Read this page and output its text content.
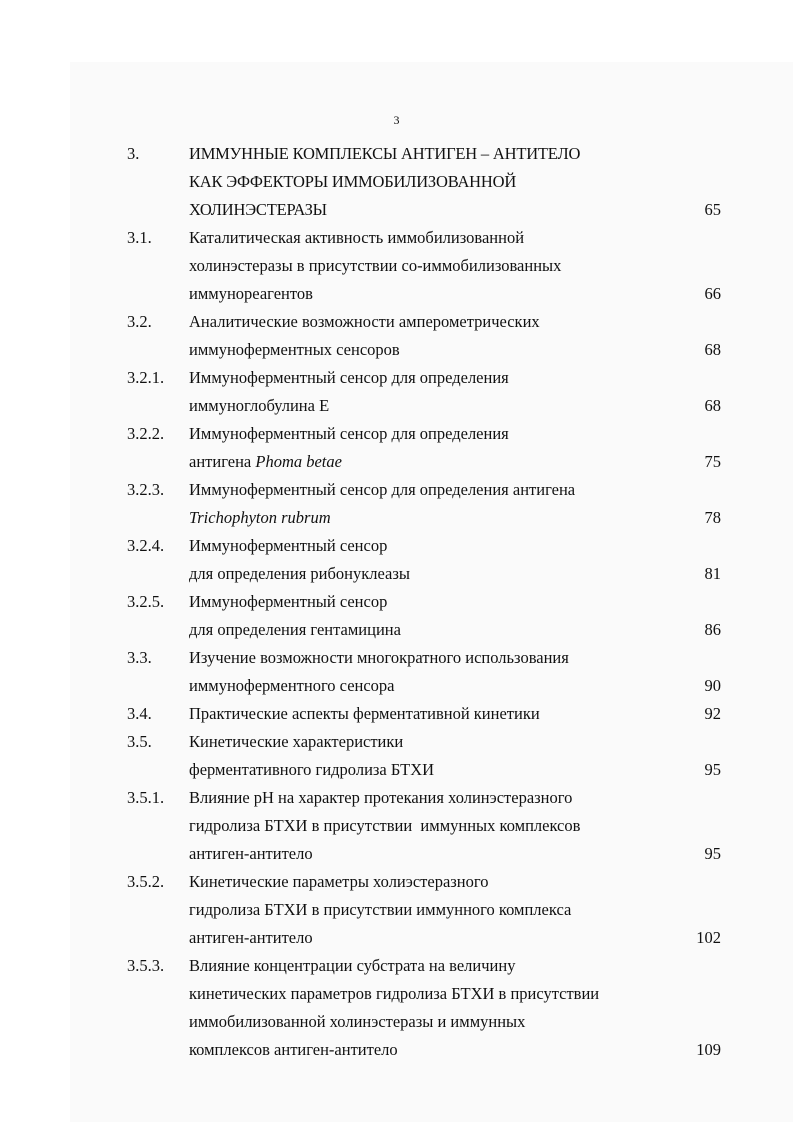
3
3.	ИММУННЫЕ КОМПЛЕКСЫ АНТИГЕН – АНТИТЕЛО
КАК ЭФФЕКТОРЫ ИММОБИЛИЗОВАННОЙ
ХОЛИНЭСТЕРАЗЫ	65
3.1. Каталитическая активность иммобилизованной
холинэстеразы в присутствии со-иммобилизованных
иммунореагентов	66
3.2. Аналитические возможности амперометрических
иммуноферментных сенсоров	68
3.2.1. Иммуноферментный сенсор для определения
иммуноглобулина Е	68
3.2.2. Иммуноферментный сенсор для определения
антигена Phoma betae	75
3.2.3. Иммуноферментный сенсор для определения антигена
Trichophyton rubrum	78
3.2.4. Иммуноферментный сенсор
для определения рибонуклеазы	81
3.2.5. Иммуноферментный сенсор
для определения гентамицина	86
3.3. Изучение возможности многократного использования
иммуноферментного сенсора	90
3.4. Практические аспекты ферментативной кинетики	92
3.5. Кинетические характеристики
ферментативного гидролиза БТХИ	95
3.5.1. Влияние рН на характер протекания холинэстеразного
гидролиза БТХИ в присутствии  иммунных комплексов
антиген-антитело	95
3.5.2. Кинетические параметры холиэстеразного
гидролиза БТХИ в присутствии иммунного комплекса
антиген-антитело	102
3.5.3. Влияние концентрации субстрата на величину
кинетических параметров гидролиза БТХИ в присутствии
иммобилизованной холинэстеразы и иммунных
комплексов антиген-антитело	109
